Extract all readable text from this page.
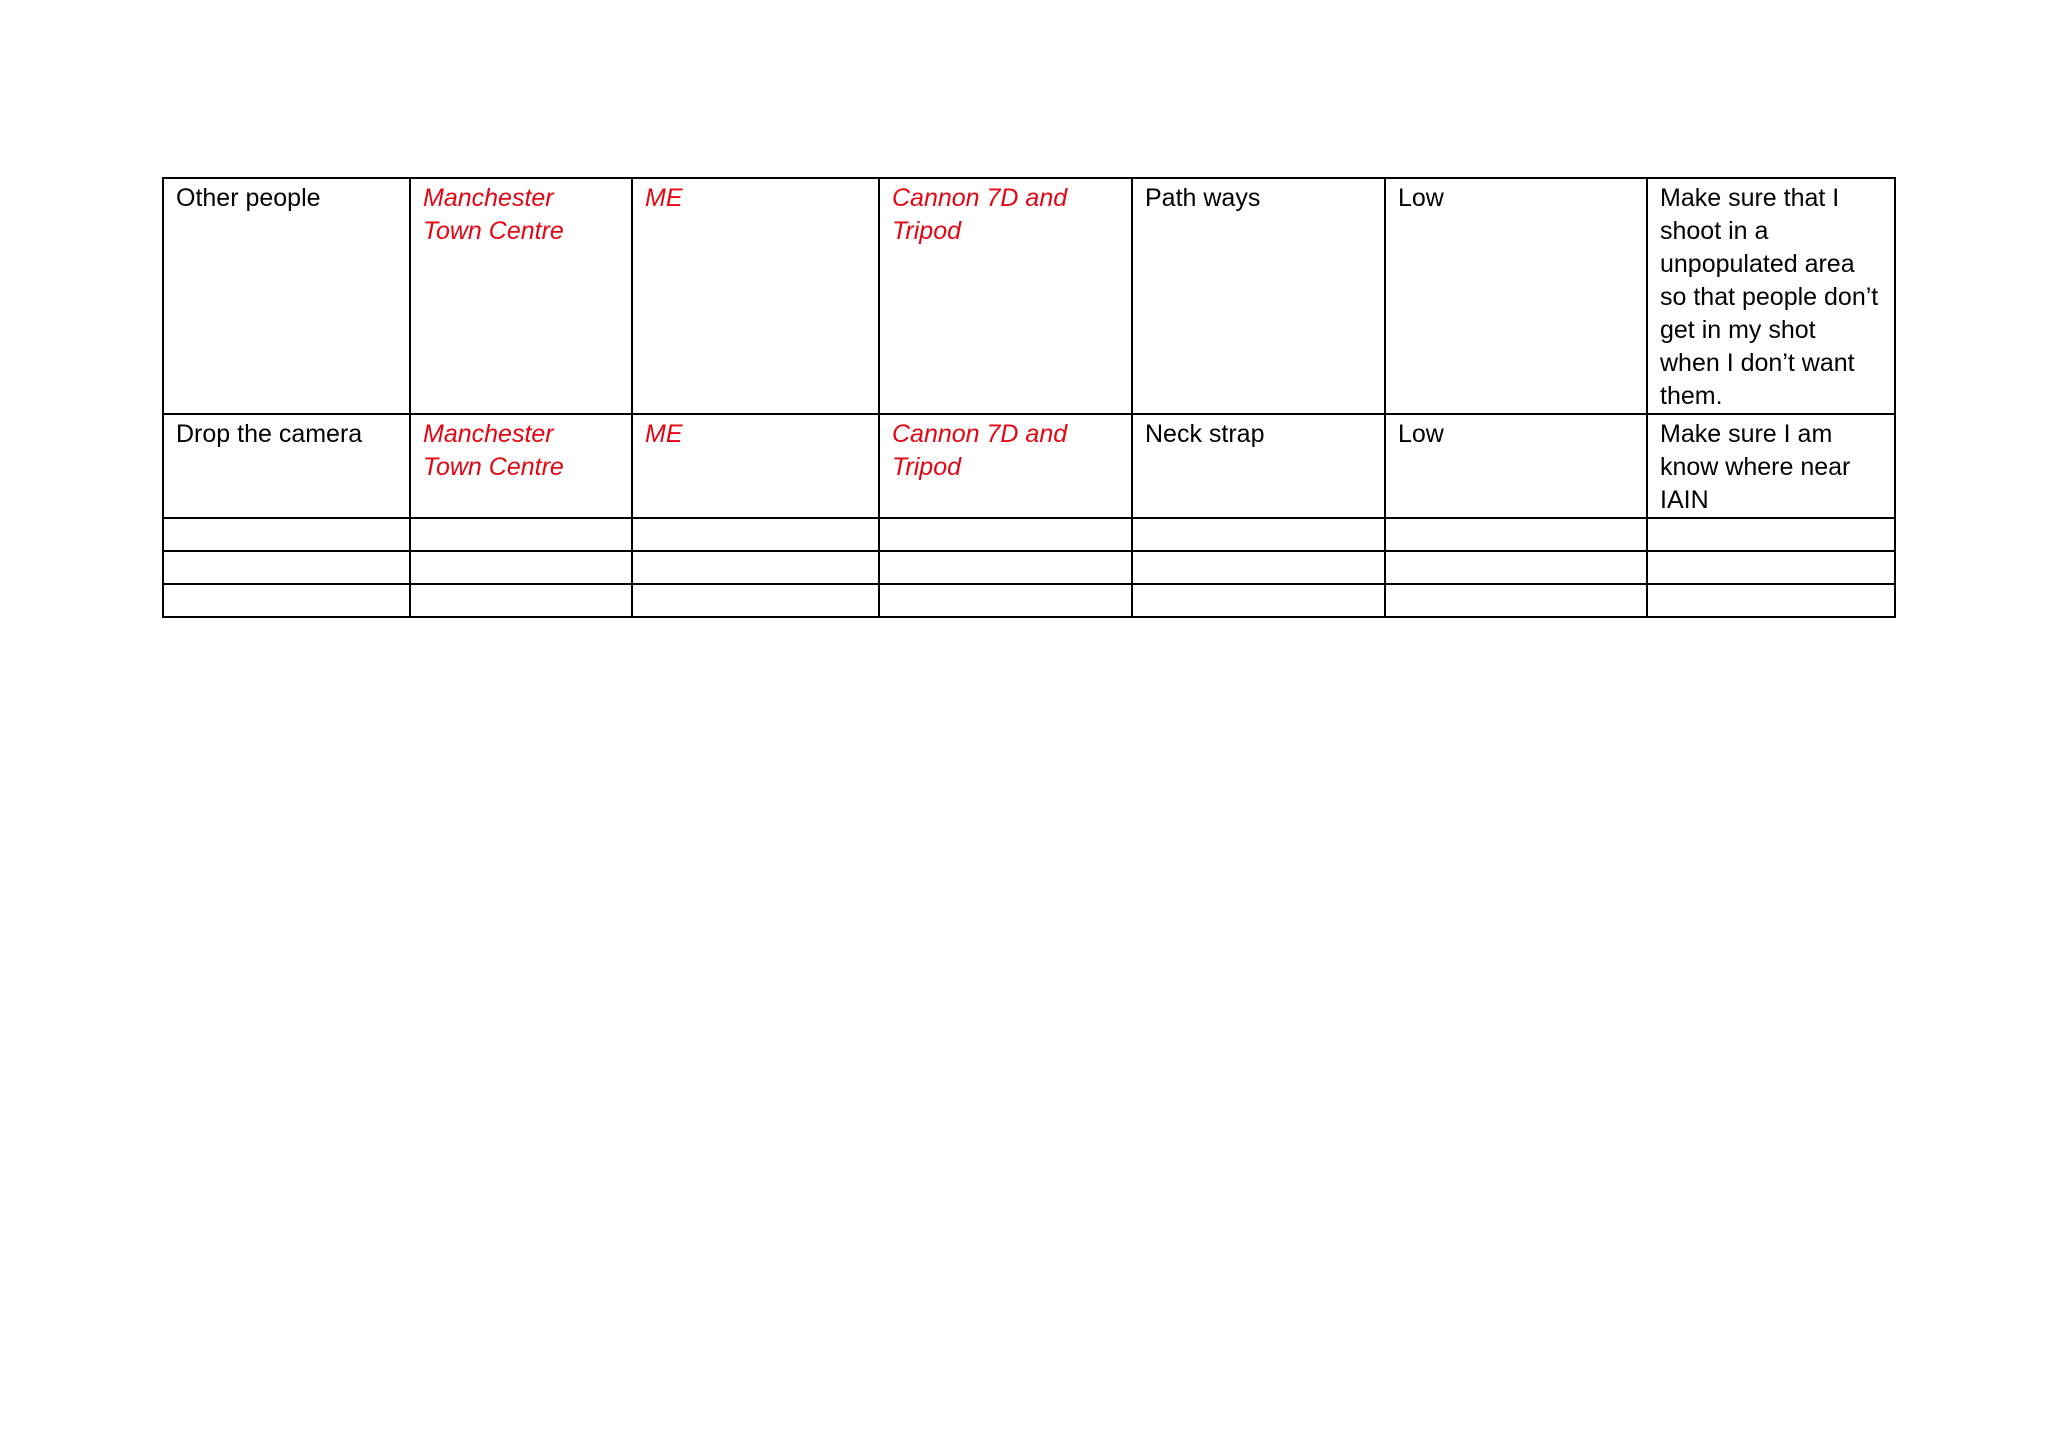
Other people	Manchester Town Centre	ME	Cannon 7D and Tripod	Path ways	Low	Make sure that I shoot in a unpopulated area so that people don’t get in my shot when I don’t want them.
Drop the camera	Manchester Town Centre	ME	Cannon 7D and Tripod	Neck strap	Low	Make sure I am know where near IAIN
